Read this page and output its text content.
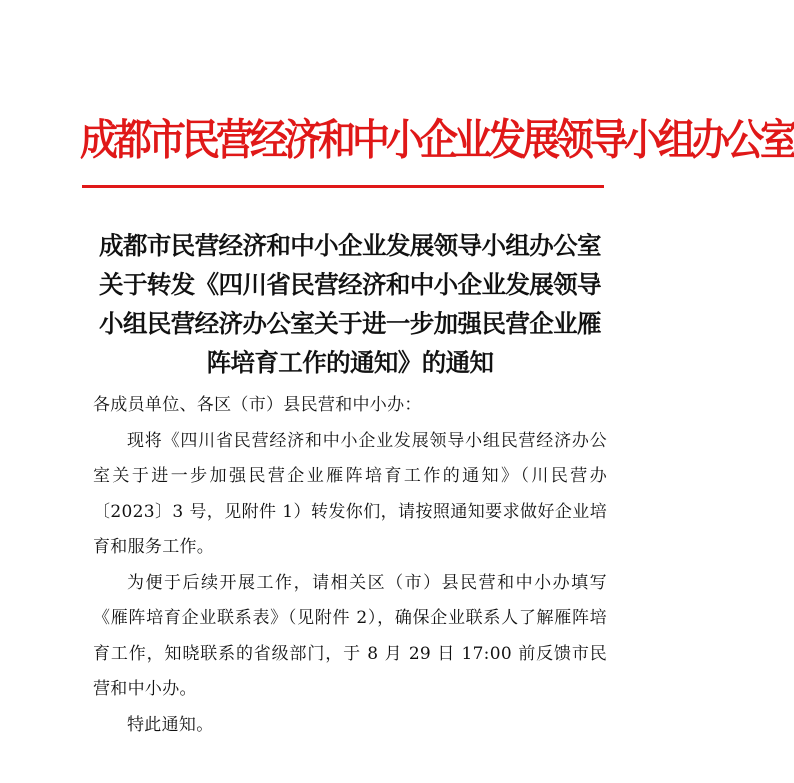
成都市民营经济和中小企业发展领导小组办公室
成都市民营经济和中小企业发展领导小组办公室关于转发《四川省民营经济和中小企业发展领导小组民营经济办公室关于进一步加强民营企业雁阵培育工作的通知》的通知

各成员单位、各区（市）县民营和中小办：

现将《四川省民营经济和中小企业发展领导小组民营经济办公室关于进一步加强民营企业雁阵培育工作的通知》（川民营办〔2023〕3 号，见附件 1）转发你们，请按照通知要求做好企业培育和服务工作。

为便于后续开展工作，请相关区（市）县民营和中小办填写《雁阵培育企业联系表》（见附件 2），确保企业联系人了解雁阵培育工作，知晓联系的省级部门，于 8 月 29 日 17:00 前反馈市民营和中小办。

特此通知。
